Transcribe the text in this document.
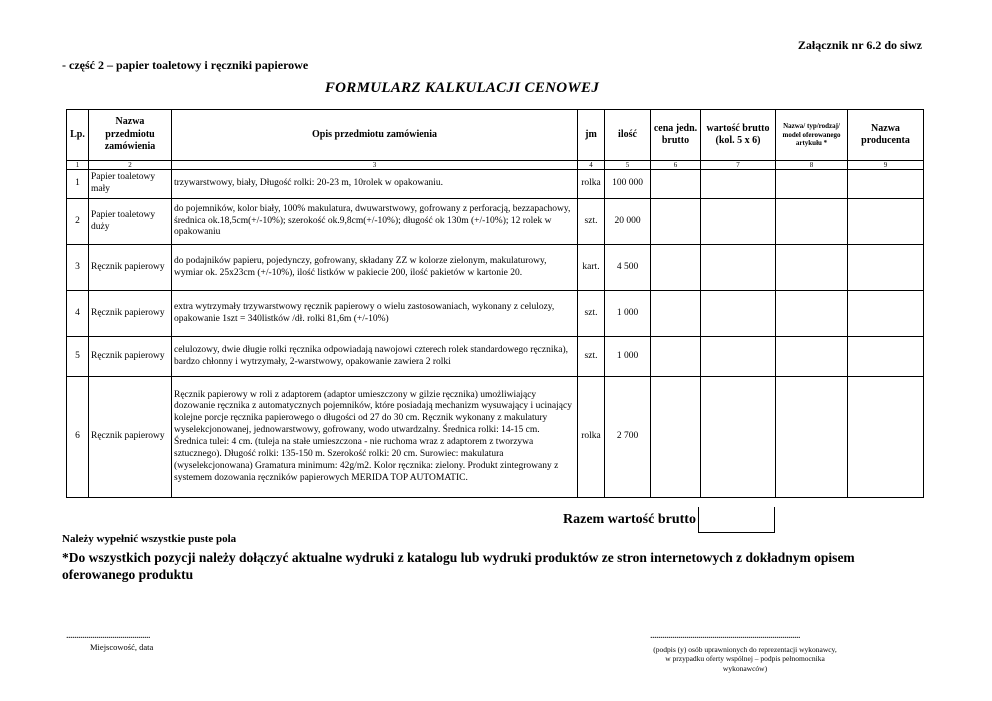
Załącznik nr 6.2 do siwz
- część 2 – papier toaletowy i ręczniki papierowe
FORMULARZ KALKULACJI CENOWEJ
Lp.	Nazwa przedmiotu zamówienia	Opis przedmiotu zamówienia	jm	ilość	cena jedn. brutto	wartość brutto (kol. 5 x 6)	Nazwa/ typ/rodzaj/ model oferowanego artykułu *	Nazwa producenta
1	2	3	4	5	6	7	8	9
1	Papier toaletowy mały	trzywarstwowy, biały, Długość rolki: 20-23 m, 10rolek w opakowaniu.	rolka	100 000				
2	Papier toaletowy duży	do pojemników, kolor biały, 100% makulatura, dwuwarstwowy, gofrowany z perforacją, bezzapachowy, średnica ok.18,5cm(+/-10%); szerokość ok.9,8cm(+/-10%); długość ok 130m (+/-10%); 12 rolek w opakowaniu	szt.	20 000				
3	Ręcznik papierowy	do podajników papieru, pojedynczy, gofrowany, składany ZZ w kolorze zielonym, makulaturowy, wymiar ok. 25x23cm (+/-10%), ilość listków w pakiecie 200, ilość pakietów w kartonie 20.	kart.	4 500				
4	Ręcznik papierowy	extra wytrzymały trzywarstwowy ręcznik papierowy o wielu zastosowaniach, wykonany z celulozy, opakowanie 1szt = 340listków /dł. rolki 81,6m (+/-10%)	szt.	1 000				
5	Ręcznik papierowy	celulozowy, dwie długie rolki ręcznika odpowiadają nawojowi czterech rolek standardowego ręcznika), bardzo chłonny i wytrzymały, 2-warstwowy, opakowanie zawiera 2 rolki	szt.	1 000				
6	Ręcznik papierowy	Ręcznik papierowy w roli z adaptorem (adaptor umieszczony w gilzie ręcznika) umożliwiający dozowanie ręcznika z automatycznych pojemników, które posiadają mechanizm wysuwający i ucinający kolejne porcje ręcznika papierowego o długości od 27 do 30 cm. Ręcznik wykonany z makulatury wyselekcjonowanej, jednowarstwowy, gofrowany, wodo utwardzalny. Średnica rolki: 14-15 cm. Średnica tulei: 4 cm. (tuleja na stałe umieszczona - nie ruchoma wraz z adaptorem z tworzywa sztucznego). Długość rolki: 135-150 m. Szerokość rolki: 20 cm. Surowiec: makulatura (wyselekcjonowana) Gramatura minimum: 42g/m2. Kolor ręcznika: zielony. Produkt zintegrowany z systemem dozowania ręczników papierowych MERIDA TOP AUTOMATIC.	rolka	2 700				
Razem wartość brutto
Należy wypełnić wszystkie puste pola
*Do wszystkich pozycji należy dołączyć aktualne wydruki z katalogu lub wydruki produktów ze stron internetowych z dokładnym opisem oferowanego produktu
..........................................
Miejscowość, data
...........................................................................
(podpis (y) osób uprawnionych do reprezentacji wykonawcy, w przypadku oferty wspólnej – podpis pełnomocnika wykonawców)
